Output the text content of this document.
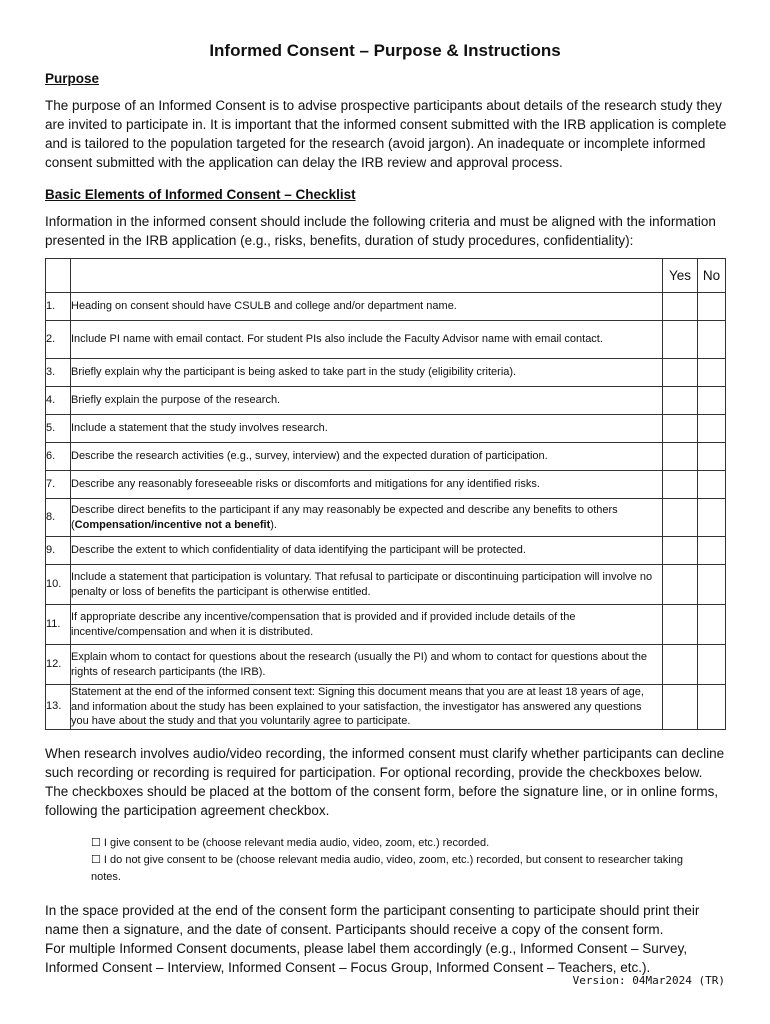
Informed Consent – Purpose & Instructions
Purpose
The purpose of an Informed Consent is to advise prospective participants about details of the research study they are invited to participate in. It is important that the informed consent submitted with the IRB application is complete and is tailored to the population targeted for the research (avoid jargon). An inadequate or incomplete informed consent submitted with the application can delay the IRB review and approval process.
Basic Elements of Informed Consent – Checklist
Information in the informed consent should include the following criteria and must be aligned with the information presented in the IRB application (e.g., risks, benefits, duration of study procedures, confidentiality):
		Yes	No
1.	Heading on consent should have CSULB and college and/or department name.		
2.	Include PI name with email contact. For student PIs also include the Faculty Advisor name with email contact.		
3.	Briefly explain why the participant is being asked to take part in the study (eligibility criteria).		
4.	Briefly explain the purpose of the research.		
5.	Include a statement that the study involves research.		
6.	Describe the research activities (e.g., survey, interview) and the expected duration of participation.		
7.	Describe any reasonably foreseeable risks or discomforts and mitigations for any identified risks.		
8.	Describe direct benefits to the participant if any may reasonably be expected and describe any benefits to others (Compensation/incentive not a benefit).		
9.	Describe the extent to which confidentiality of data identifying the participant will be protected.		
10.	Include a statement that participation is voluntary. That refusal to participate or discontinuing participation will involve no penalty or loss of benefits the participant is otherwise entitled.		
11.	If appropriate describe any incentive/compensation that is provided and if provided include details of the incentive/compensation and when it is distributed.		
12.	Explain whom to contact for questions about the research (usually the PI) and whom to contact for questions about the rights of research participants (the IRB).		
13.	Statement at the end of the informed consent text: Signing this document means that you are at least 18 years of age, and information about the study has been explained to your satisfaction, the investigator has answered any questions you have about the study and that you voluntarily agree to participate.		
When research involves audio/video recording, the informed consent must clarify whether participants can decline such recording or recording is required for participation. For optional recording, provide the checkboxes below. The checkboxes should be placed at the bottom of the consent form, before the signature line, or in online forms, following the participation agreement checkbox.
☐ I give consent to be (choose relevant media audio, video, zoom, etc.) recorded.
☐ I do not give consent to be (choose relevant media audio, video, zoom, etc.) recorded, but consent to researcher taking notes.
In the space provided at the end of the consent form the participant consenting to participate should print their name then a signature, and the date of consent. Participants should receive a copy of the consent form.
For multiple Informed Consent documents, please label them accordingly (e.g., Informed Consent – Survey, Informed Consent – Interview, Informed Consent – Focus Group, Informed Consent – Teachers, etc.).
Version: 04Mar2024 (TR)
